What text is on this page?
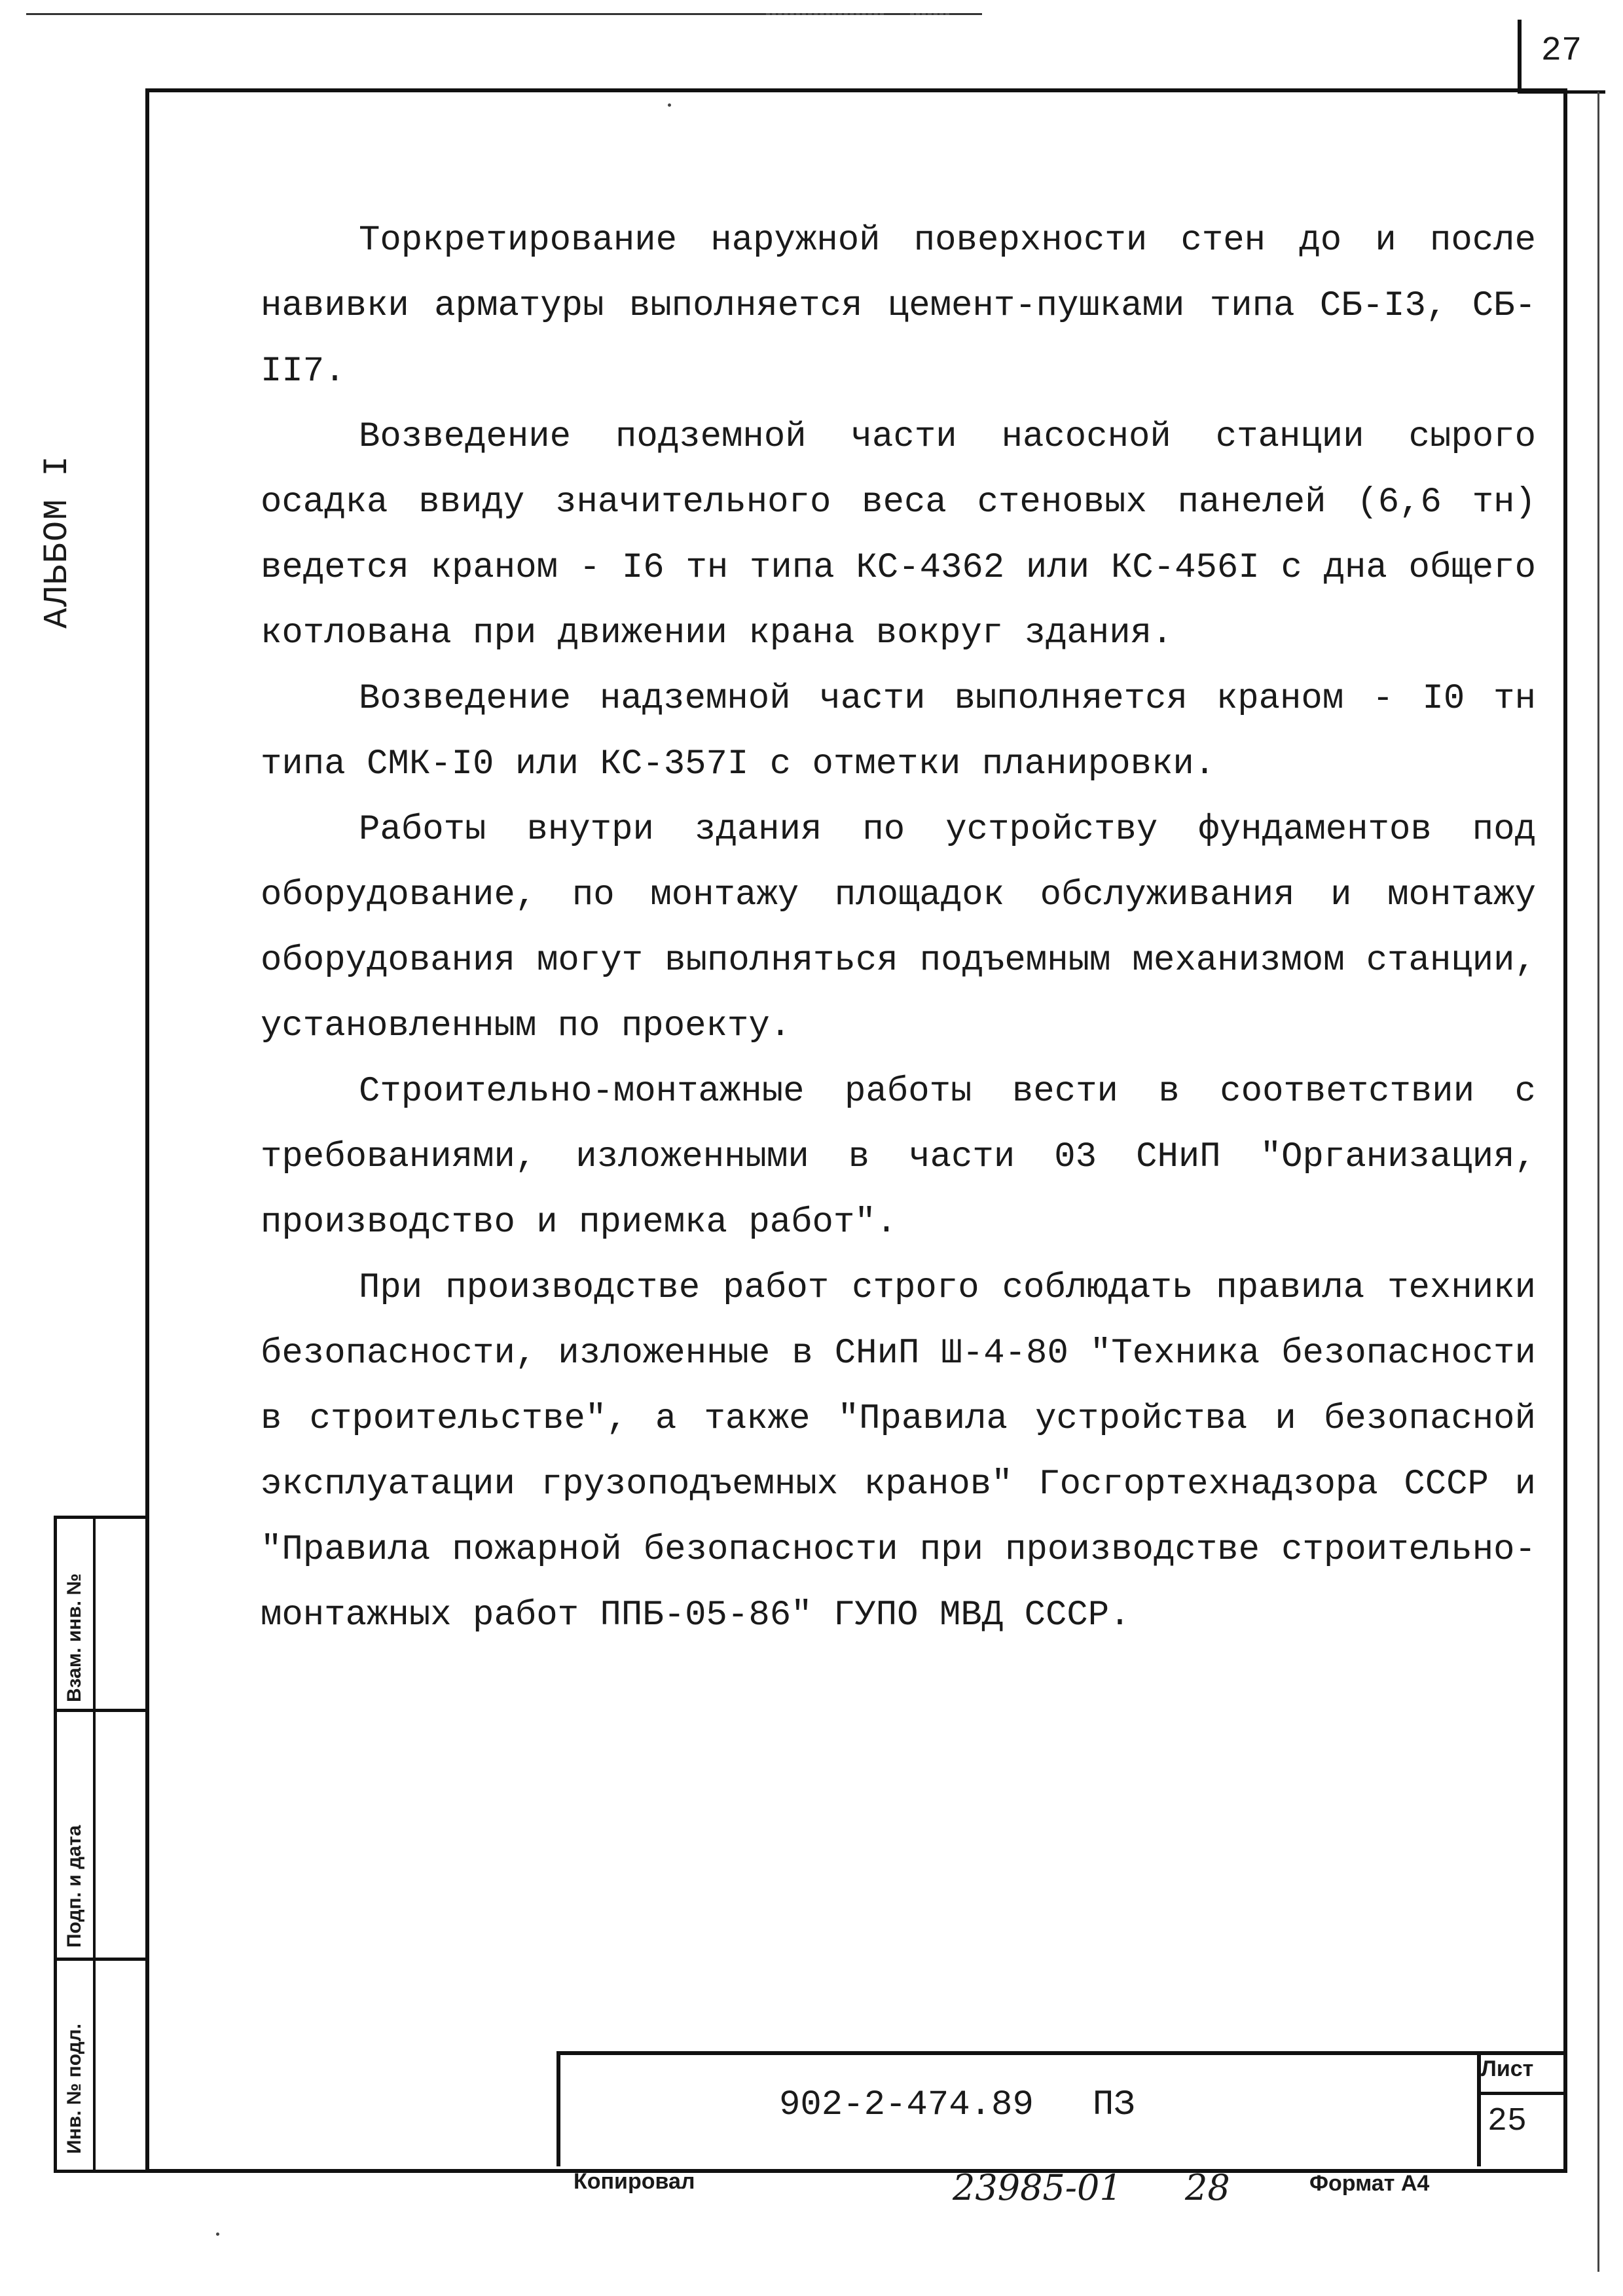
27
АЛЬБОМ I

Торкретирование наружной поверхности стен до и после навивки арматуры выполняется цемент-пушками типа СБ-I3, СБ-II7.

Возведение подземной части насосной станции сырого осадка ввиду значительного веса стеновых панелей (6,6 тн) ведется краном - I6 тн типа КС-4362 или КС-456I с дна общего котлована при движении крана вокруг здания.

Возведение надземной части выполняется краном - I0 тн типа СМК-I0 или КС-357I с отметки планировки.

Работы внутри здания по устройству фундаментов под оборудование, по монтажу площадок обслуживания и монтажу оборудования могут выполняться подъемным механизмом станции, установленным по проекту.

Строительно-монтажные работы вести в соответствии с требованиями, изложенными в части 03 СНиП "Организация, производство и приемка работ".

При производстве работ строго соблюдать правила техники безопасности, изложенные в СНиП Ш-4-80 "Техника безопасности в строительстве", а также "Правила устройства и безопасной эксплуатации грузоподъемных кранов" Госгортехнадзора СССР и "Правила пожарной безопасности при производстве строительно-монтажных работ ППБ-05-86" ГУПО МВД СССР.

Взам. инв. №
Подп. и дата
Инв. № подл.	902-2-474.89 ПЗ
Лист
25
Копировал	23985-01 28	Формат А4
